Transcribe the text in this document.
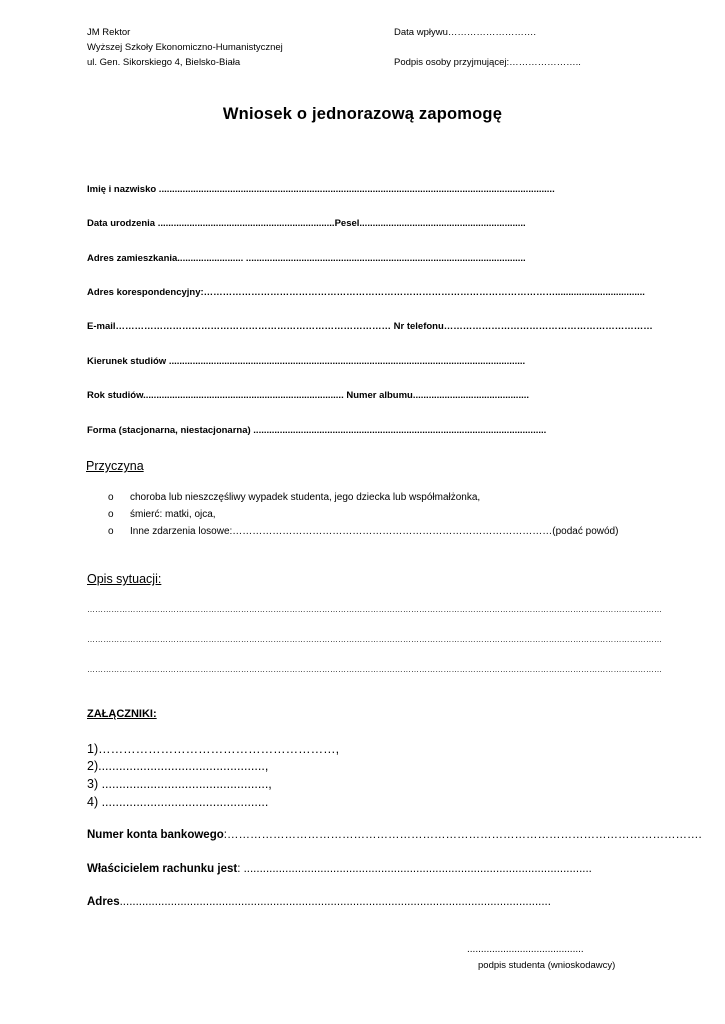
JM Rektor
Wyższej Szkoły Ekonomiczno-Humanistycznej
ul. Gen. Sikorskiego 4, Bielsko-Biała
Data wpływu……………………….
Podpis osoby przyjmującej:…………………..
Wniosek o jednorazową zapomogę
Imię i nazwisko ......................................................................................................................................................
Data urodzenia ...................................................................Pesel...............................................................
Adres zamieszkania......................... ..........................................................................................................
Adres korespondencyjny:…………………………………………………………………………………………………..................................
E-mail…………………………………………………………………………… Nr telefonu…………………………………………………………
Kierunek studiów .......................................................................................................................................
Rok studiów............................................................................ Numer albumu............................................
Forma (stacjonarna, niestacjonarna) ...............................................................................................................
Przyczyna
o choroba lub nieszczęśliwy wypadek studenta, jego dziecka lub współmałżonka,
o śmierć: matki, ojca,
o Inne zdarzenia losowe:……………………………………………………………………………………(podać powód)
Opis sytuacji:
……………………………………………………………………………………………………………………………………………………………………………………………
……………………………………………………………………………………………………………………………………………………………………………………………
……………………………………………………………………………………………………………………………………………………………………………………………
ZAŁĄCZNIKI:
1)…………………………………………………,
2)................................................,
3) ................................................,
4) ................................................
Numer konta bankowego:…………………………………………………………………………………………………………….
Właścicielem rachunku jest: .............................................................................................................
Adres.......................................................................................................................................
..........................................
podpis studenta (wnioskodawcy)
